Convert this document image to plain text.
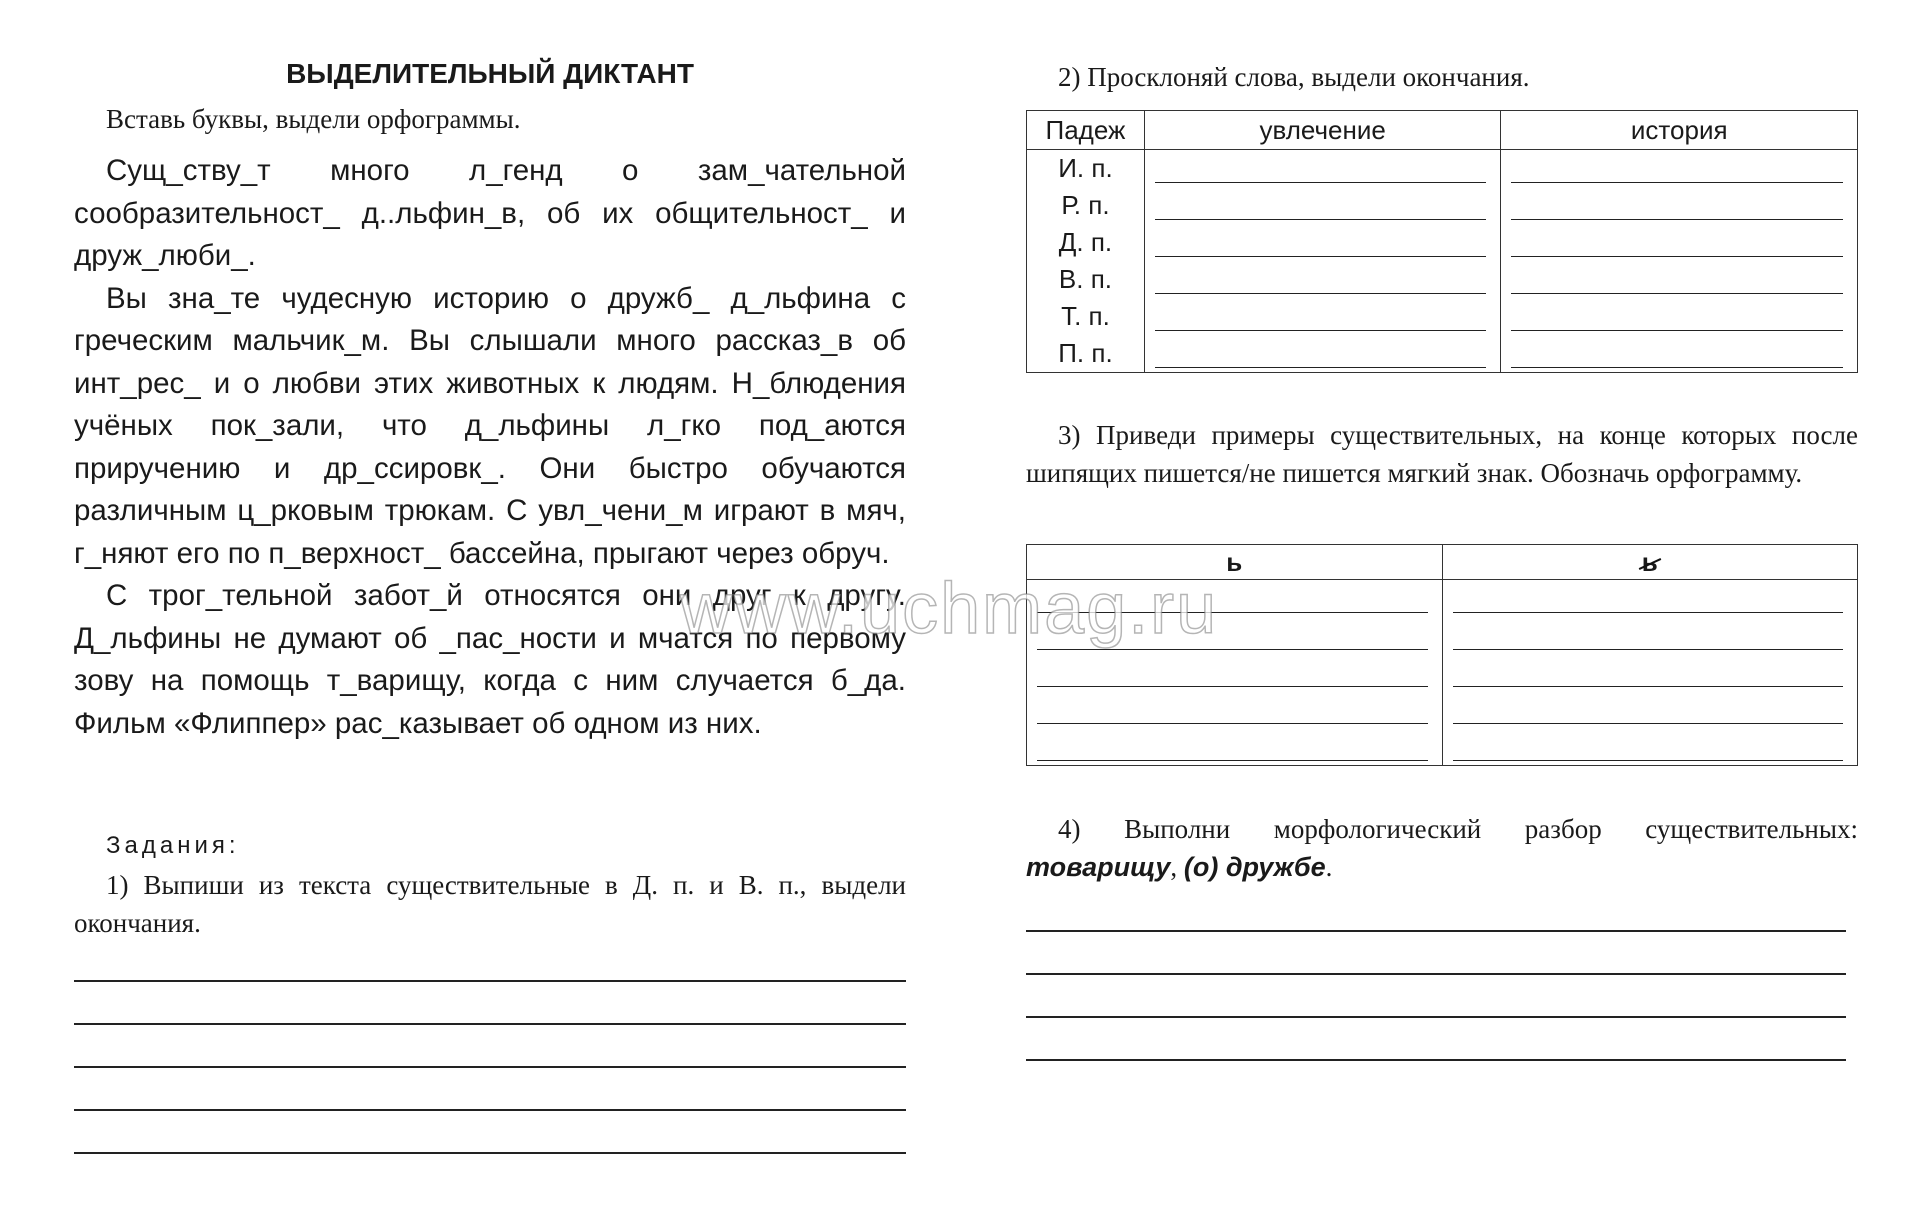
ВЫДЕЛИТЕЛЬНЫЙ ДИКТАНТ

Вставь буквы, выдели орфограммы.

Сущ_ству_т много л_генд о зам_чательной сообразительност_ д..льфин_в, об их общительност_ и друж_люби_.

Вы зна_те чудесную историю о дружб_ д_льфина с греческим мальчик_м. Вы слышали много рассказ_в об инт_рес_ и о любви этих животных к людям. Н_блюдения учёных пок_зали, что д_льфины л_гко под_аются приручению и др_ссировк_. Они быстро обучаются различным ц_рковым трюкам. С увл_чени_м играют в мяч, г_няют его по п_верхност_ бассейна, прыгают через обруч.

С трог_тельной забот_й относятся они друг к другу. Д_льфины не думают об _пас_ности и мчатся по первому зову на помощь т_варищу, когда с ним случается б_да. Фильм «Флиппер» рас_казывает об одном из них.

Задания:

1) Выпиши из текста существительные в Д. п. и В. п., выдели окончания.

2) Просклоняй слова, выдели окончания.

Падеж	увлечение	история
И. п.	

Р. п.	

Д. п.	

В. п.	

Т. п.	

П. п.	

3) Приведи примеры существительных, на конце которых после шипящих пишется/не пишется мягкий знак. Обозначь орфограмму.

ь	ь

4) Выполни морфологический разбор существительных: товарищу, (о) дружбе.

www.uchmag.ru
